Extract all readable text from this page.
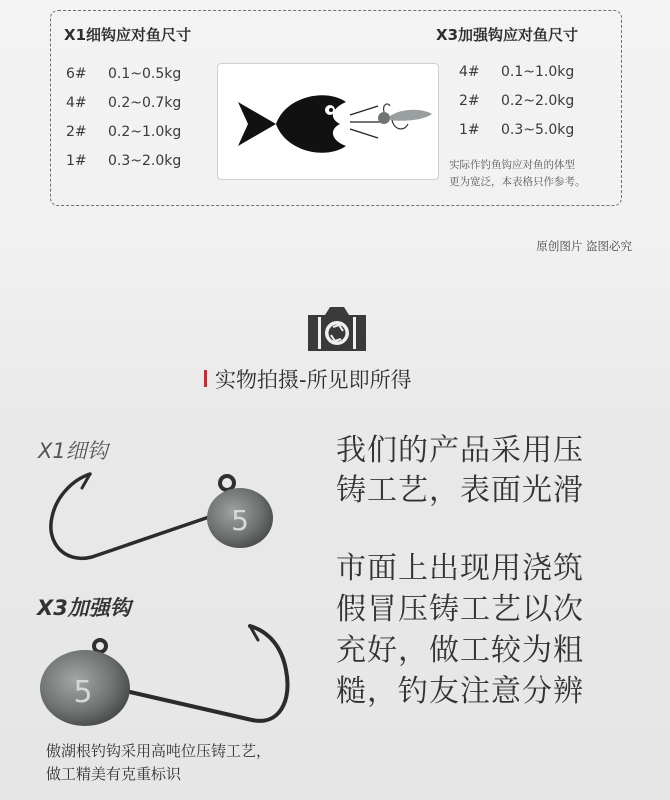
X1细钩应对鱼尺寸	X3加强钩应对鱼尺寸
6# 0.1~0.5kg
4# 0.2~0.7kg
2# 0.2~1.0kg
1# 0.3~2.0kg
4# 0.1~1.0kg
2# 0.2~2.0kg
1# 0.3~5.0kg
实际作钓鱼钩应对鱼的体型
更为宽泛，本表格只作参考。
原创图片 盗图必究
实物拍摄-所见即所得
X1细钩
X3加强钩
5
5
我们的产品采用压
铸工艺，表面光滑
市面上出现用浇筑
假冒压铸工艺以次
充好，做工较为粗
糙，钓友注意分辨
傲湖根钓钩采用高吨位压铸工艺，
做工精美有克重标识
